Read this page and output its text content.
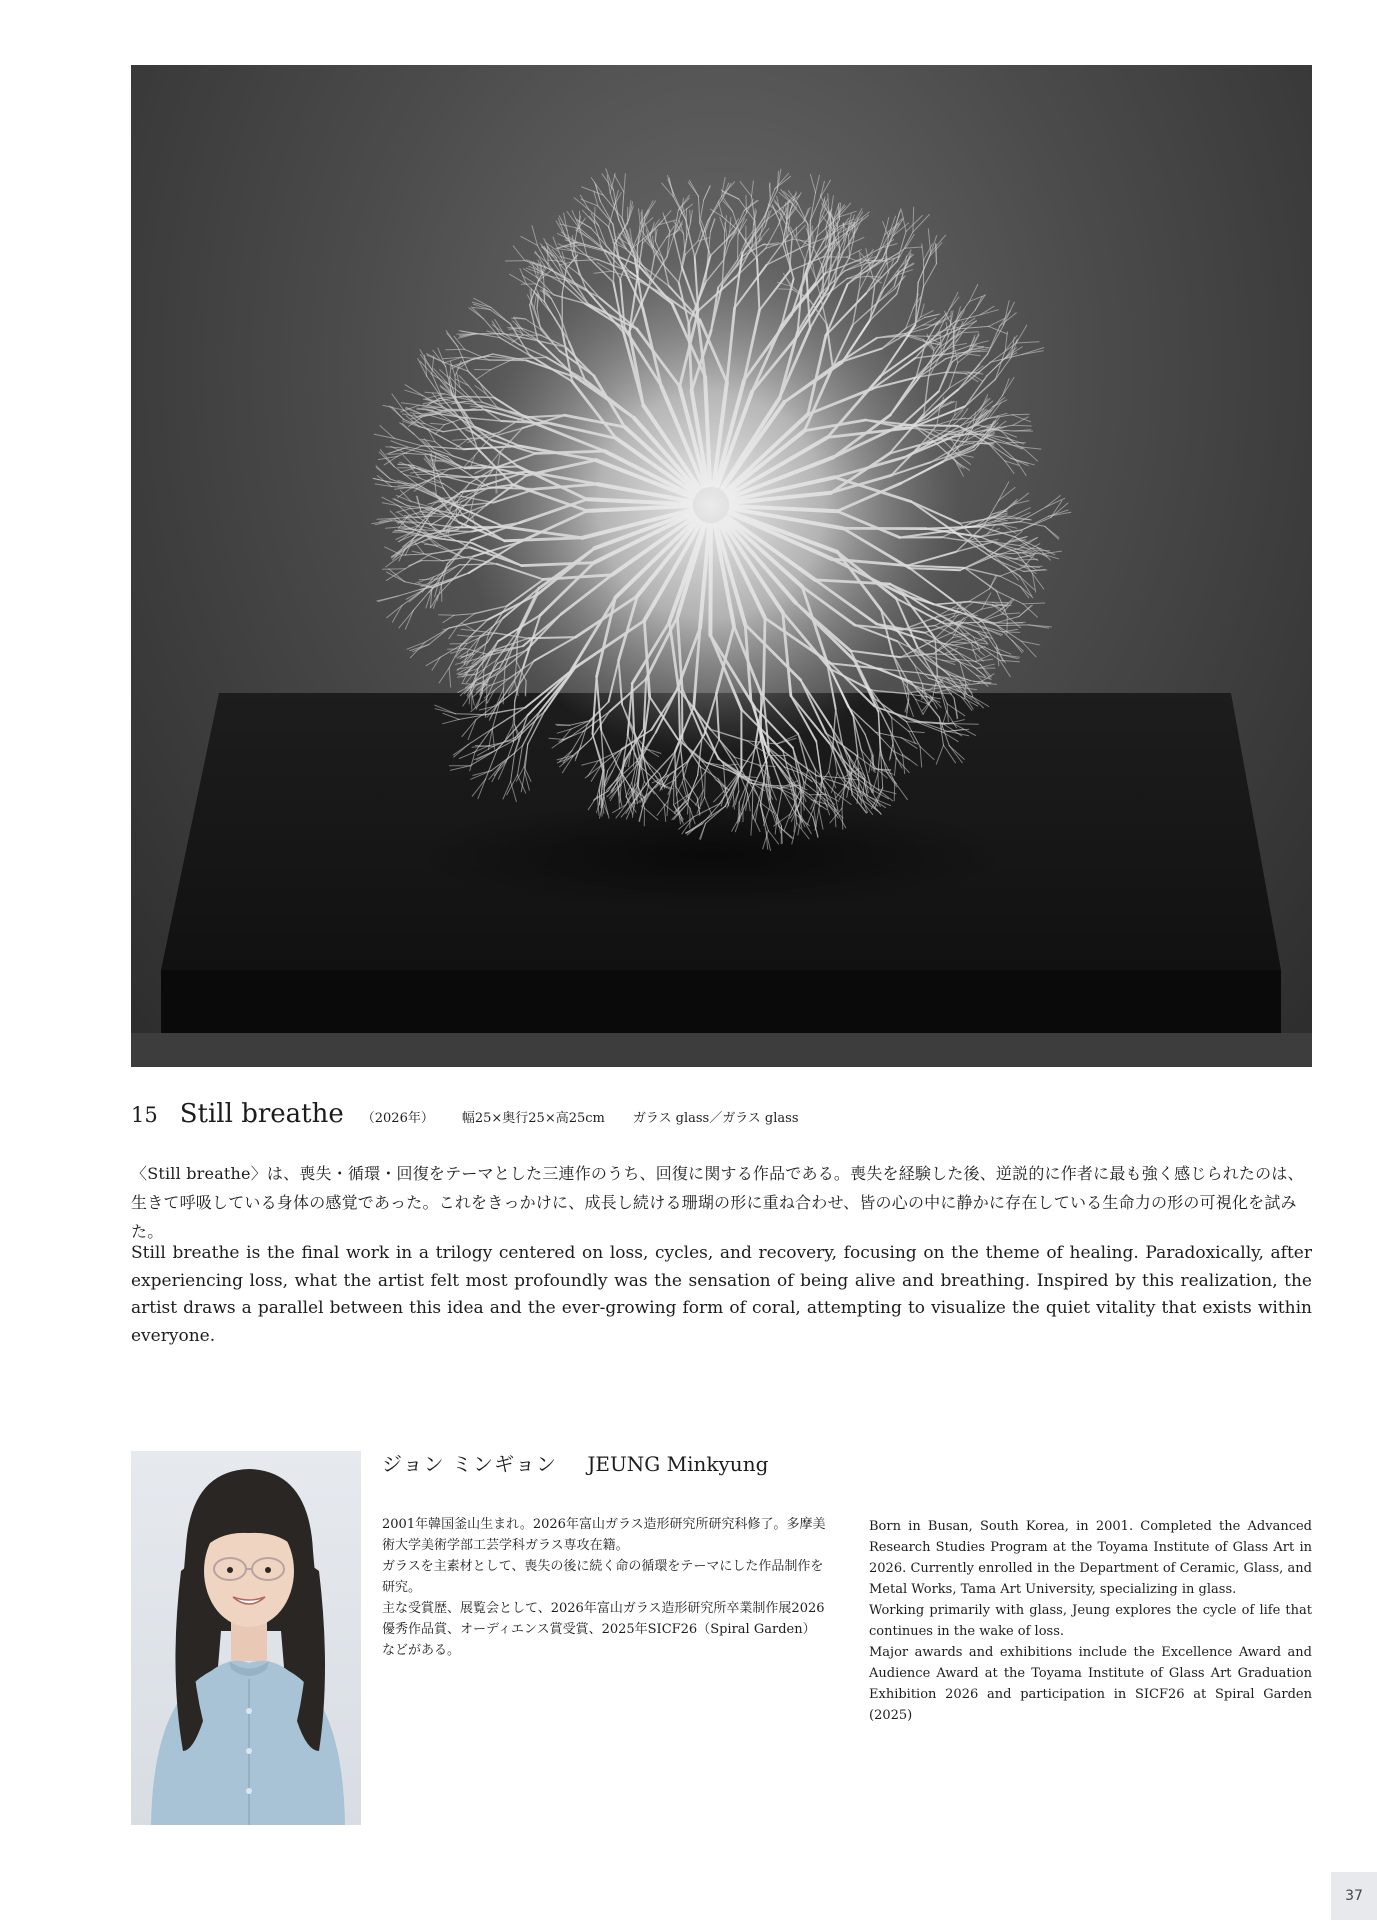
15 Still breathe （2026年） 幅25×奥行25×高25cm ガラス glass／ガラス glass

〈Still breathe〉は、喪失・循環・回復をテーマとした三連作のうち、回復に関する作品である。喪失を経験した後、逆説的に作者に最も強く感じられたのは、生きて呼吸している身体の感覚であった。これをきっかけに、成長し続ける珊瑚の形に重ね合わせ、皆の心の中に静かに存在している生命力の形の可視化を試みた。

Still breathe is the final work in a trilogy centered on loss, cycles, and recovery, focusing on the theme of healing. Paradoxically, after experiencing loss, what the artist felt most profoundly was the sensation of being alive and breathing. Inspired by this realization, the artist draws a parallel between this idea and the ever-growing form of coral, attempting to visualize the quiet vitality that exists within everyone.

ジョン ミンギョン JEUNG Minkyung

2001年韓国釜山生まれ。2026年富山ガラス造形研究所研究科修了。多摩美術大学美術学部工芸学科ガラス専攻在籍。
ガラスを主素材として、喪失の後に続く命の循環をテーマにした作品制作を研究。
主な受賞歴、展覧会として、2026年富山ガラス造形研究所卒業制作展2026 優秀作品賞、オーディエンス賞受賞、2025年SICF26（Spiral Garden）などがある。

Born in Busan, South Korea, in 2001. Completed the Advanced Research Studies Program at the Toyama Institute of Glass Art in 2026. Currently enrolled in the Department of Ceramic, Glass, and Metal Works, Tama Art University, specializing in glass.
Working primarily with glass, Jeung explores the cycle of life that continues in the wake of loss.
Major awards and exhibitions include the Excellence Award and Audience Award at the Toyama Institute of Glass Art Graduation Exhibition 2026 and participation in SICF26 at Spiral Garden (2025)

37
